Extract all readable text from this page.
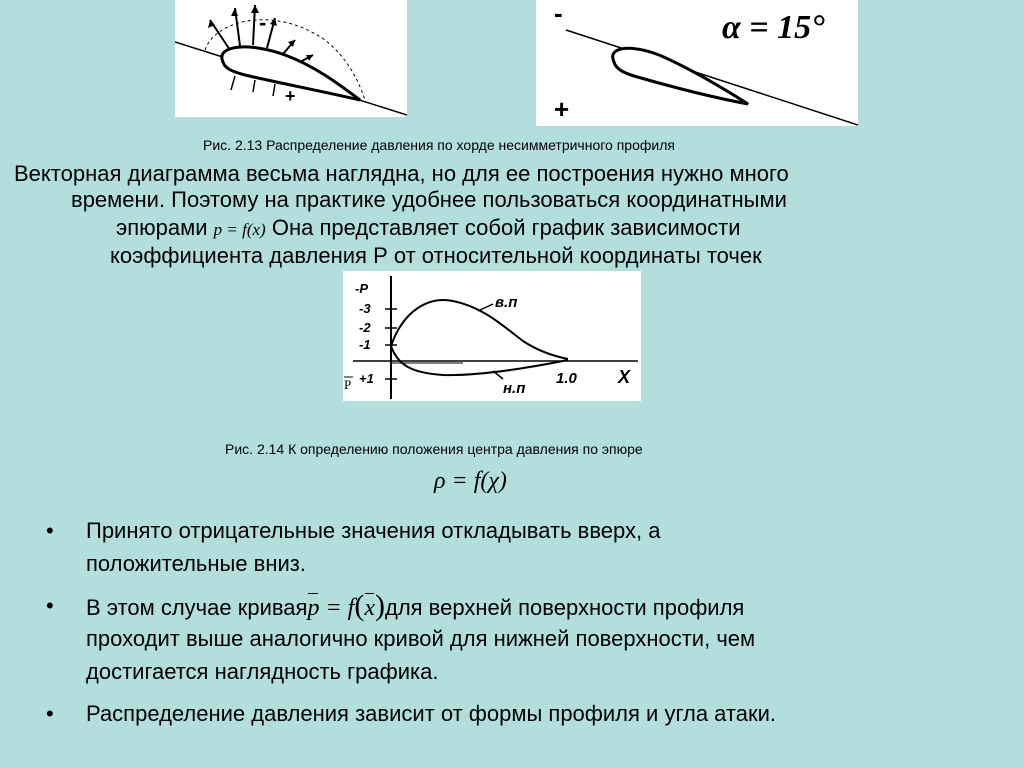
-
+
-
+
α = 15°
Рис. 2.13 Распределение давления по хорде несимметричного профиля
Векторная диаграмма весьма наглядна, но для ее построения нужно много
времени. Поэтому на практике удобнее пользоваться координатными
эпюрами p = f(x) Она представляет собой график зависимости
коэффициента давления Р от относительной координаты точек
-P
-3
-2
-1
+1
в.п
н.п
1.0 X
P
Рис. 2.14 К определению положения центра давления по эпюре
ρ = f(χ)
• Принято отрицательные значения откладывать вверх, а
положительные вниз.
• В этом случае криваяp = f(x)для верхней поверхности профиля
проходит выше аналогично кривой для нижней поверхности, чем
достигается наглядность графика.
• Распределение давления зависит от формы профиля и угла атаки.
